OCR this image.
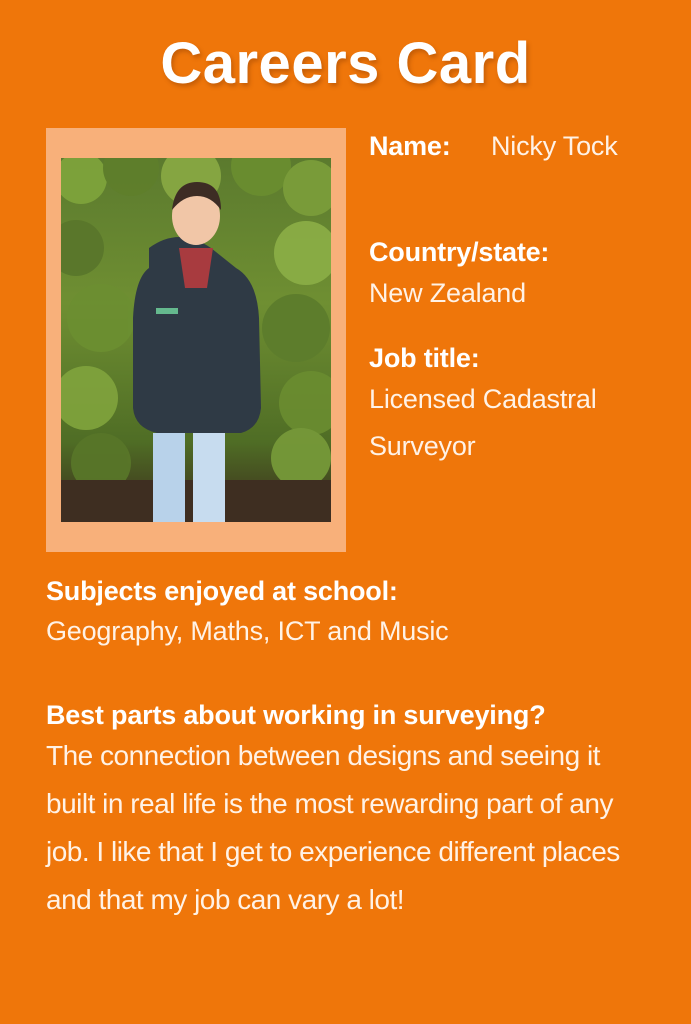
Careers Card
Name: Nicky Tock
Country/state:
New Zealand
Job title:
Licensed Cadastral
Surveyor
Subjects enjoyed at school:
Geography, Maths, ICT and Music
Best parts about working in surveying?
The connection between designs and seeing it built in real life is the most rewarding part of any job. I like that I get to experience different places and that my job can vary a lot!
